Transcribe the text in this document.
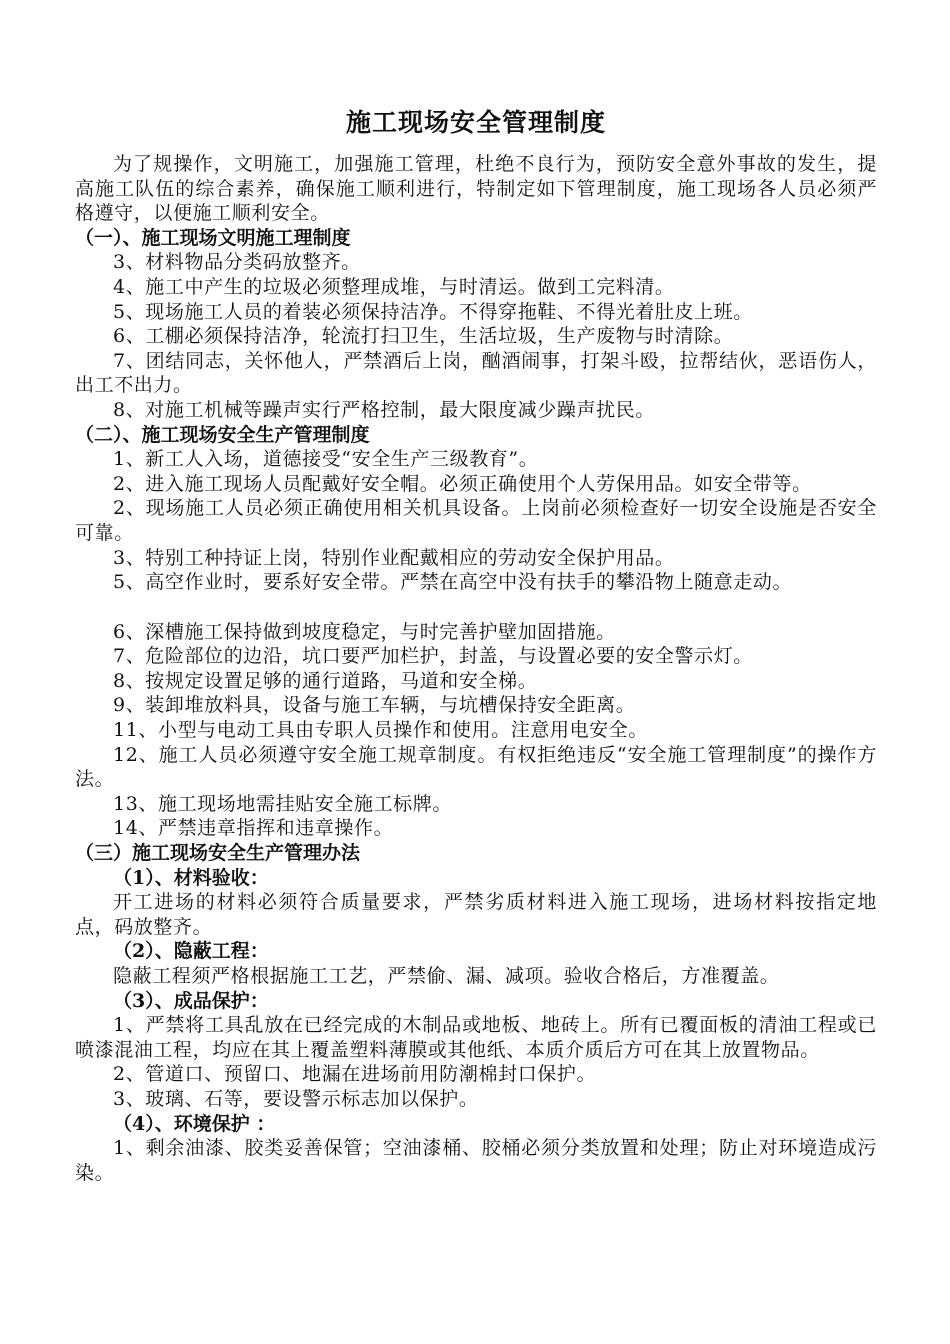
施工现场安全管理制度

为了规操作，文明施工，加强施工管理，杜绝不良行为，预防安全意外事故的发生，提高施工队伍的综合素养，确保施工顺利进行，特制定如下管理制度，施工现场各人员必须严格遵守，以便施工顺利安全。

（一）、施工现场文明施工理制度

3、材料物品分类码放整齐。

4、施工中产生的垃圾必须整理成堆，与时清运。做到工完料清。

5、现场施工人员的着装必须保持洁净。不得穿拖鞋、不得光着肚皮上班。

6、工棚必须保持洁净，轮流打扫卫生，生活垃圾，生产废物与时清除。

7、团结同志，关怀他人，严禁酒后上岗，酗酒闹事，打架斗殴，拉帮结伙，恶语伤人，出工不出力。

8、对施工机械等躁声实行严格控制，最大限度减少躁声扰民。

（二）、施工现场安全生产管理制度

1、新工人入场，道德接受“安全生产三级教育”。

2、进入施工现场人员配戴好安全帽。必须正确使用个人劳保用品。如安全带等。

2、现场施工人员必须正确使用相关机具设备。上岗前必须检查好一切安全设施是否安全可靠。

3、特别工种持证上岗，特别作业配戴相应的劳动安全保护用品。

5、高空作业时，要系好安全带。严禁在高空中没有扶手的攀沿物上随意走动。

6、深槽施工保持做到坡度稳定，与时完善护壁加固措施。

7、危险部位的边沿，坑口要严加栏护，封盖，与设置必要的安全警示灯。

8、按规定设置足够的通行道路，马道和安全梯。

9、装卸堆放料具，设备与施工车辆，与坑槽保持安全距离。

11、小型与电动工具由专职人员操作和使用。注意用电安全。

12、施工人员必须遵守安全施工规章制度。有权拒绝违反“安全施工管理制度”的操作方法。

13、施工现场地需挂贴安全施工标牌。

14、严禁违章指挥和违章操作。

（三）施工现场安全生产管理办法

（1）、材料验收：

开工进场的材料必须符合质量要求，严禁劣质材料进入施工现场，进场材料按指定地点，码放整齐。

（2）、隐蔽工程：

隐蔽工程须严格根据施工工艺，严禁偷、漏、减项。验收合格后，方准覆盖。

（3）、成品保护：

1、严禁将工具乱放在已经完成的木制品或地板、地砖上。所有已覆面板的清油工程或已喷漆混油工程，均应在其上覆盖塑料薄膜或其他纸、本质介质后方可在其上放置物品。

2、管道口、预留口、地漏在进场前用防潮棉封口保护。

3、玻璃、石等，要设警示标志加以保护。

（4）、环境保护 ：

1、剩余油漆、胶类妥善保管；空油漆桶、胶桶必须分类放置和处理；防止对环境造成污染。
